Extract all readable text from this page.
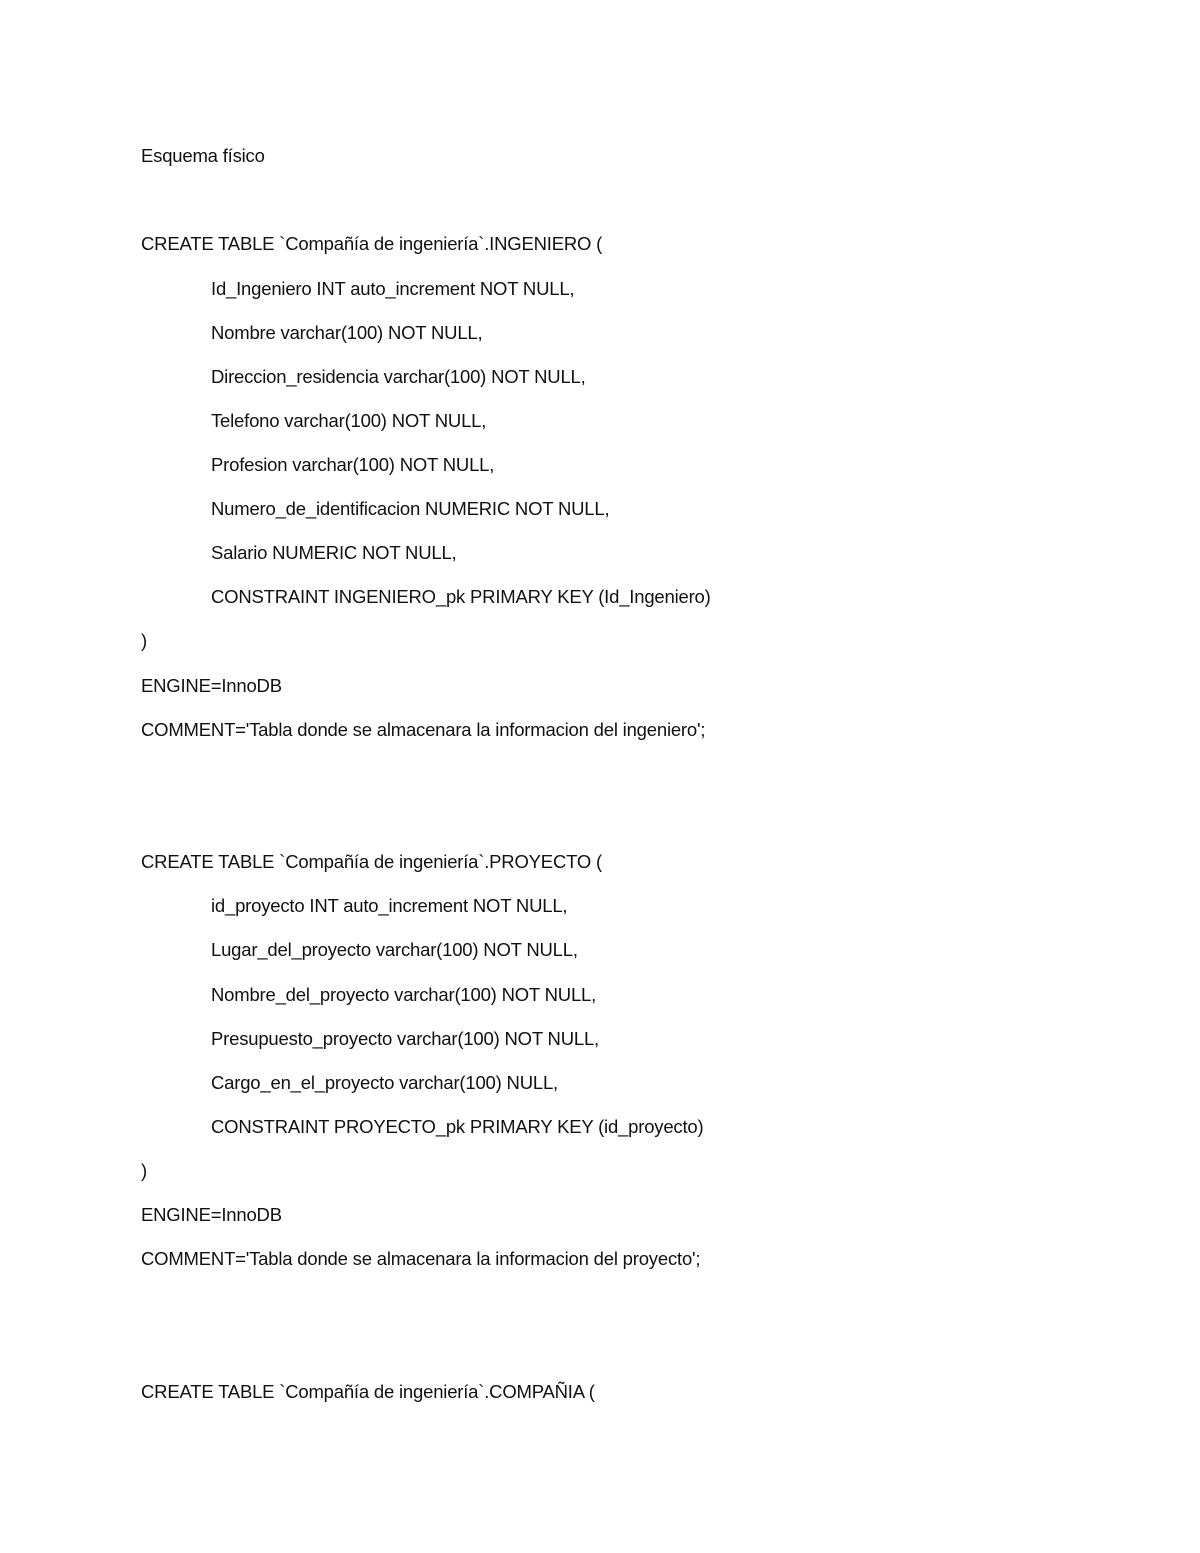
Esquema físico
CREATE TABLE `Compañía de ingeniería`.INGENIERO (
Id_Ingeniero INT auto_increment NOT NULL,
Nombre varchar(100) NOT NULL,
Direccion_residencia varchar(100) NOT NULL,
Telefono varchar(100) NOT NULL,
Profesion varchar(100) NOT NULL,
Numero_de_identificacion NUMERIC NOT NULL,
Salario NUMERIC NOT NULL,
CONSTRAINT INGENIERO_pk PRIMARY KEY (Id_Ingeniero)
)
ENGINE=InnoDB
COMMENT='Tabla donde se almacenara la informacion del ingeniero';
CREATE TABLE `Compañía de ingeniería`.PROYECTO (
id_proyecto INT auto_increment NOT NULL,
Lugar_del_proyecto varchar(100) NOT NULL,
Nombre_del_proyecto varchar(100) NOT NULL,
Presupuesto_proyecto varchar(100) NOT NULL,
Cargo_en_el_proyecto varchar(100) NULL,
CONSTRAINT PROYECTO_pk PRIMARY KEY (id_proyecto)
)
ENGINE=InnoDB
COMMENT='Tabla donde se almacenara la informacion del proyecto';
CREATE TABLE `Compañía de ingeniería`.COMPAÑIA (
